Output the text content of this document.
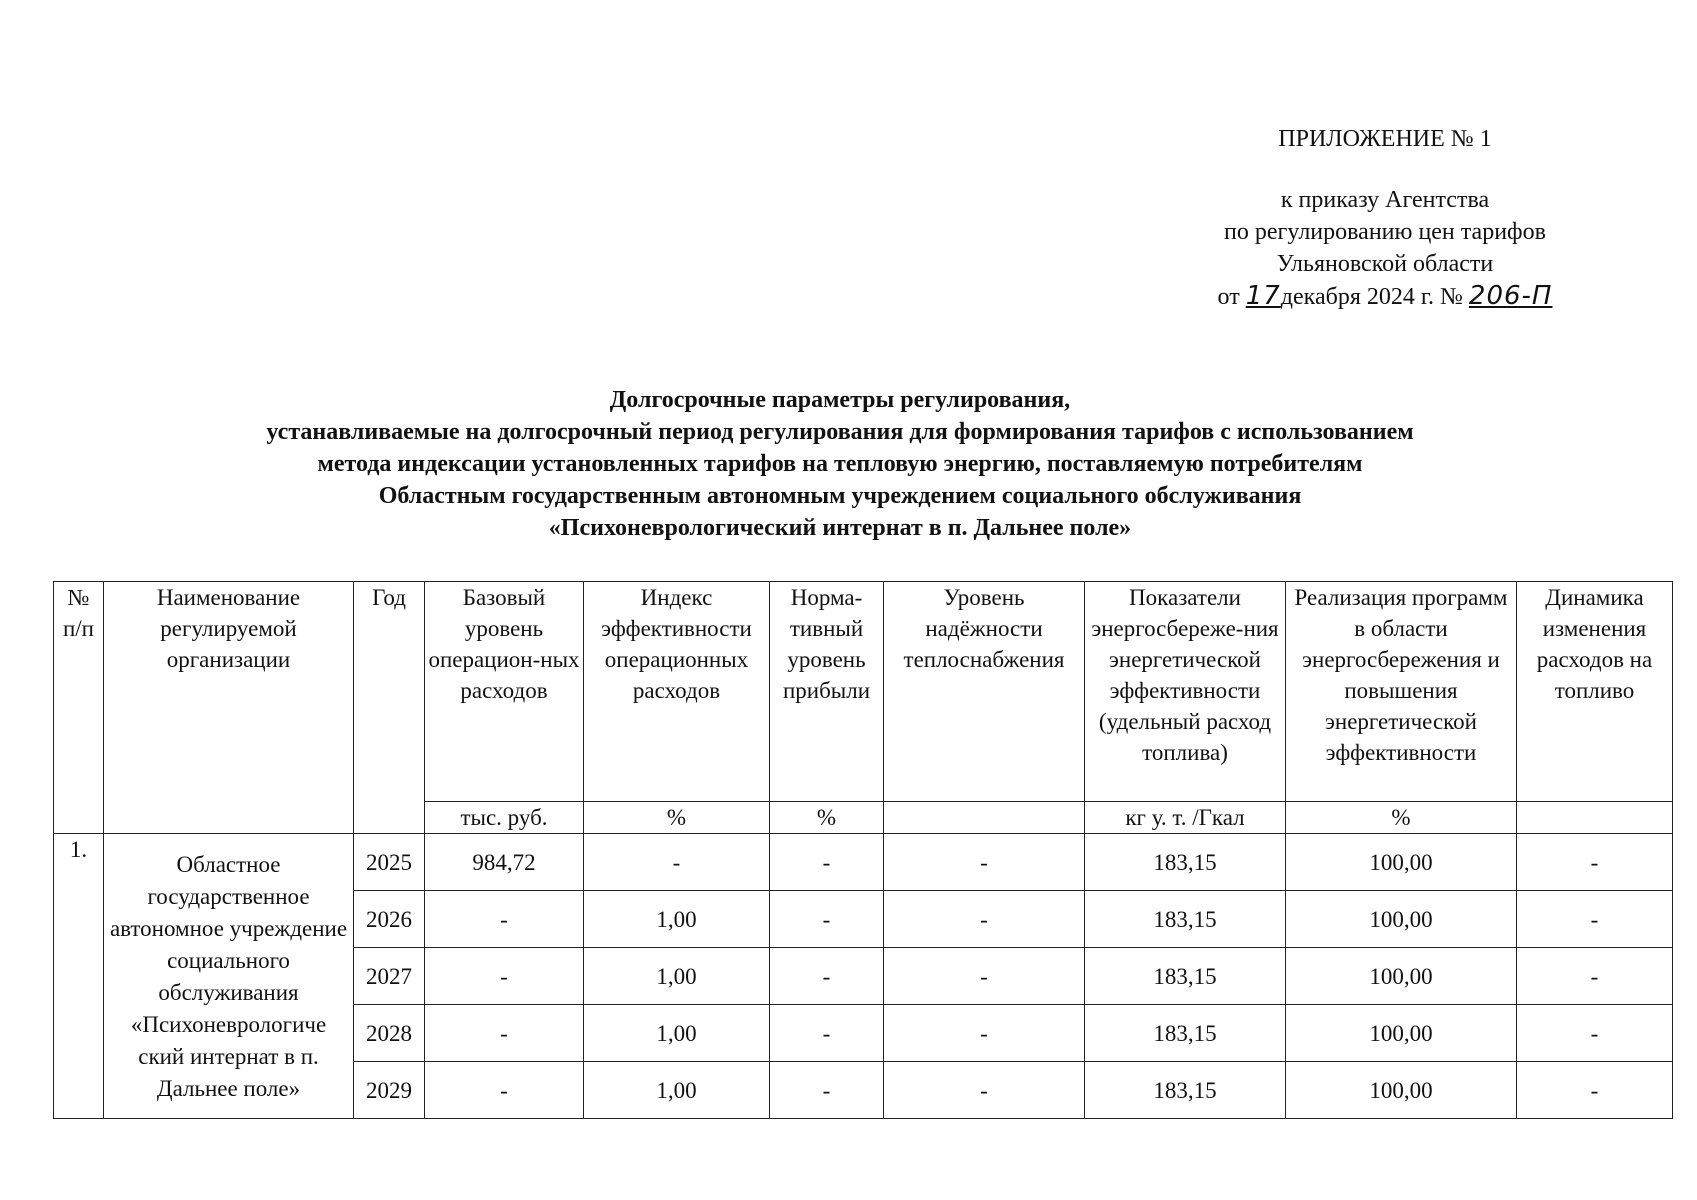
ПРИЛОЖЕНИЕ № 1
к приказу Агентства
по регулированию цен тарифов
Ульяновской области
от 17декабря 2024 г. № 206-П
Долгосрочные параметры регулирования,
устанавливаемые на долгосрочный период регулирования для формирования тарифов с использованием
метода индексации установленных тарифов на тепловую энергию, поставляемую потребителям
Областным государственным автономным учреждением социального обслуживания
«Психоневрологический интернат в п. Дальнее поле»
№ п/п	Наименование регулируемой организации	Год	Базовый уровень операцион-ных расходов	Индекс эффективности операционных расходов	Норма-тивный уровень прибыли	Уровень надёжности теплоснабжения	Показатели энергосбереже-ния энергетической эффективности (удельный расход топлива)	Реализация программ в области энергосбережения и повышения энергетической эффективности	Динамика изменения расходов на топливо
			тыс. руб.	%	%		кг у. т. /Гкал	%	
1.	Областное государственное автономное учреждение социального обслуживания «Психоневрологиче ский интернат в п. Дальнее поле»	2025	984,72	-	-	-	183,15	100,00	-
		2026	-	1,00	-	-	183,15	100,00	-
		2027	-	1,00	-	-	183,15	100,00	-
		2028	-	1,00	-	-	183,15	100,00	-
		2029	-	1,00	-	-	183,15	100,00	-
